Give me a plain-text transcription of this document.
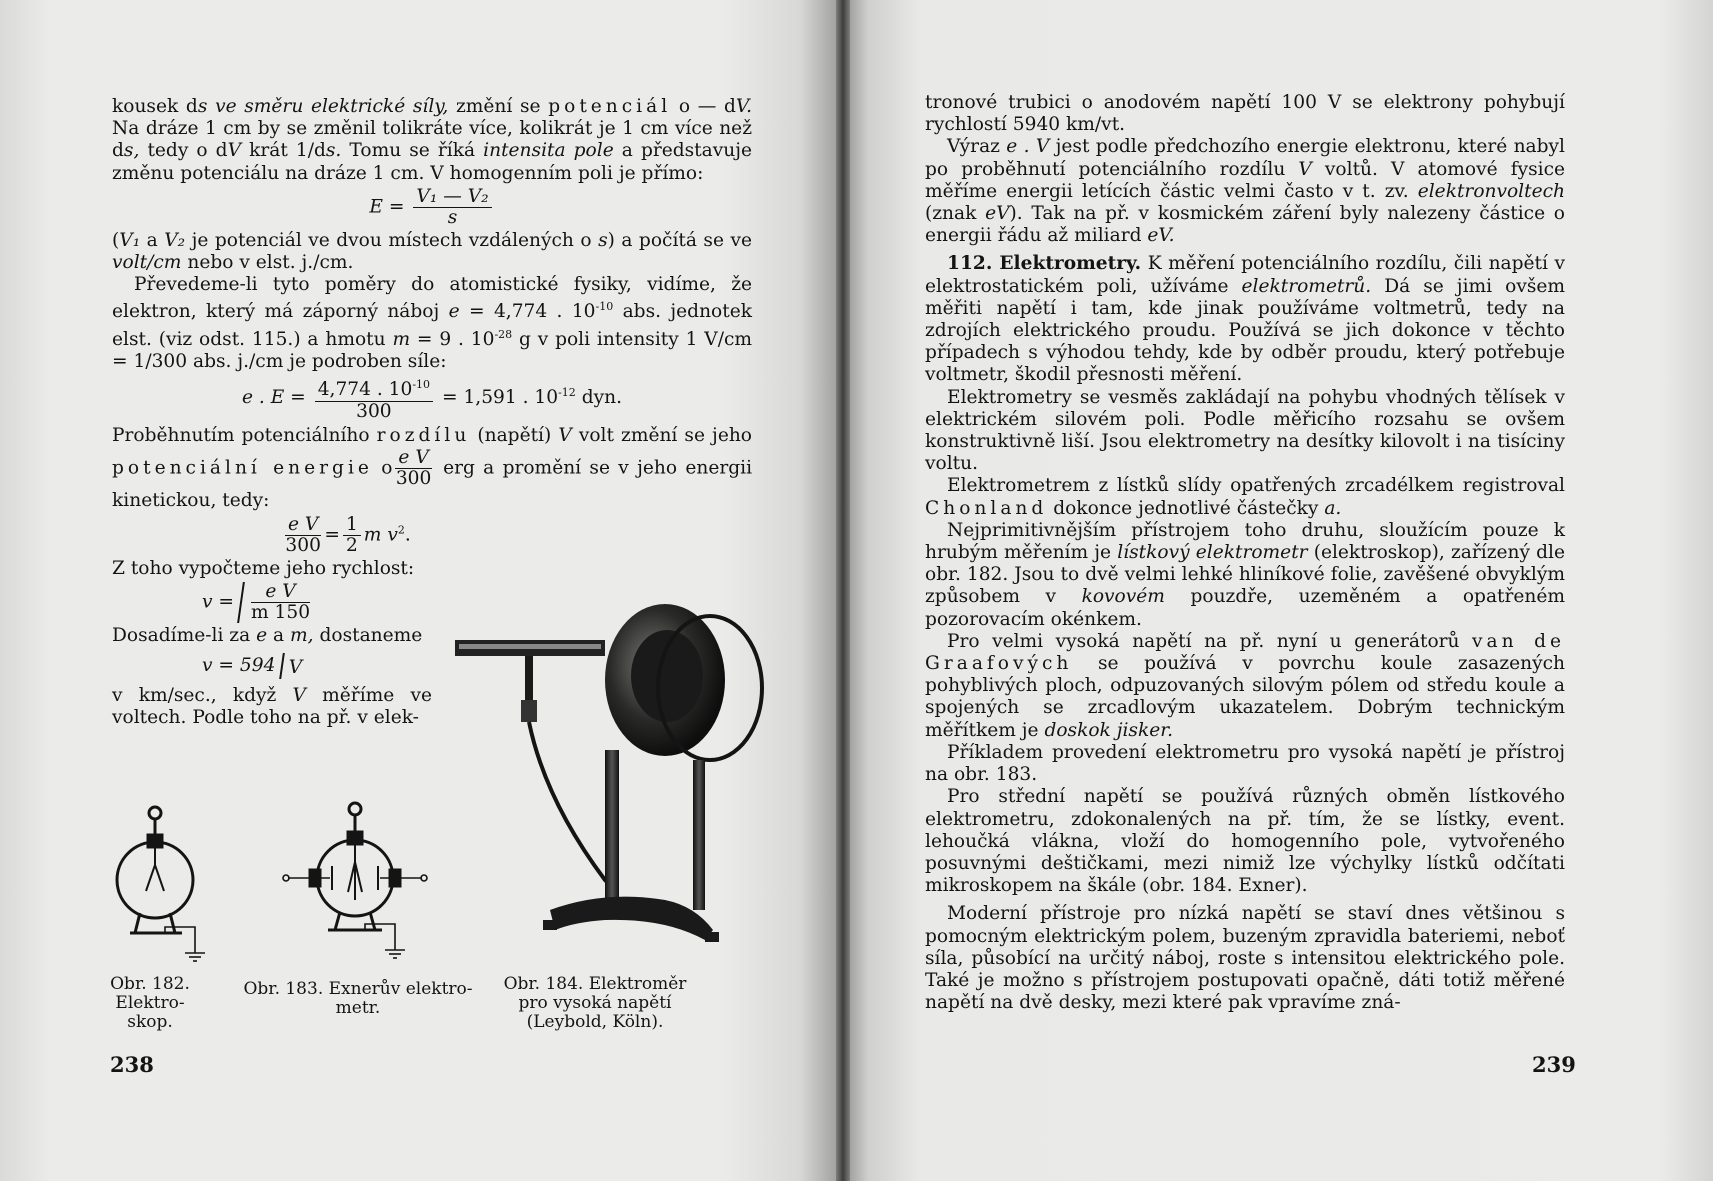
kousek ds ve směru elektrické síly, změní se potenciál o — dV. Na dráze 1 cm by se změnil tolikráte více, kolikrát je 1 cm více než ds, tedy o dV krát 1/ds. Tomu se říká intensita pole a představuje změnu potenciálu na dráze 1 cm. V homogenním poli je přímo:

$E = \frac{\text{V₁ — V₂}}{s}$

(V₁ a V₂ je potenciál ve dvou místech vzdálených o s) a počítá se ve volt/cm nebo v elst. j./cm.

Převedeme-li tyto poměry do atomistické fysiky, vidíme, že elektron, který má záporný náboj e = 4,774 . $10^{-10}$ abs. jednotek elst. (viz odst. 115.) a hmotu m = 9 . $10^{-28}$ g v poli intensity 1 V/cm = 1/300 abs. j./cm je podroben síle:

e . $E = \frac{4,774 . 10^{-10}}{300} = 1,591$ . $10^{-12}$ dyn.

Proběhnutím potenciálního rozdílu (napětí) V volt změní se jeho potenciální energie o $\frac{\text{e V}}{300}$ erg a promění se v jeho energii kinetickou, tedy:

$\frac{\text{e V}}{300} = \frac{1}{2}$ m $v^2$.

Z toho vypočteme jeho rychlost:

$v = \frac{\text{e V}}{m 150}$

Dosadíme-li za e a m, dostaneme

v = 594 V

v km/sec., když V měříme ve voltech. Podle toho na př. v elek-

Obr. 182. Elektro-skop.
Obr. 183. Exnerův elektro-metr.
Obr. 184. Elektroměr pro vysoká napětí (Leybold, Köln).
238

tronové trubici o anodovém napětí 100 V se elektrony pohybují rychlostí 5940 km/vt.

Výraz e . V jest podle předchozího energie elektronu, které nabyl po proběhnutí potenciálního rozdílu V voltů. V atomové fysice měříme energii letících částic velmi často v t. zv. elektronvoltech (znak eV). Tak na př. v kosmickém záření byly nalezeny částice o energii řádu až miliard eV.

112. Elektrometry. K měření potenciálního rozdílu, čili napětí v elektrostatickém poli, užíváme elektrometrů. Dá se jimi ovšem měřiti napětí i tam, kde jinak používáme voltmetrů, tedy na zdrojích elektrického proudu. Používá se jich dokonce v těchto případech s výhodou tehdy, kde by odběr proudu, který potřebuje voltmetr, škodil přesnosti měření.

Elektrometry se vesměs zakládají na pohybu vhodných tělísek v elektrickém silovém poli. Podle měřicího rozsahu se ovšem konstruktivně liší. Jsou elektrometry na desítky kilovolt i na tisíciny voltu.

Elektrometrem z lístků slídy opatřených zrcadélkem registroval Chonland dokonce jednotlivé částečky a.

Nejprimitivnějším přístrojem toho druhu, sloužícím pouze k hrubým měřením je lístkový elektrometr (elektroskop), zařízený dle obr. 182. Jsou to dvě velmi lehké hliníkové folie, zavěšené obvyklým způsobem v kovovém pouzdře, uzeměném a opatřeném pozorovacím okénkem.

Pro velmi vysoká napětí na př. nyní u generátorů van de Graafových se používá v povrchu koule zasazených pohyblivých ploch, odpuzovaných silovým pólem od středu koule a spojených se zrcadlovým ukazatelem. Dobrým technickým měřítkem je doskok jisker.

Příkladem provedení elektrometru pro vysoká napětí je přístroj na obr. 183.

Pro střední napětí se používá různých obměn lístkového elektrometru, zdokonalených na př. tím, že se lístky, event. lehoučká vlákna, vloží do homogenního pole, vytvořeného posuvnými deštičkami, mezi nimiž lze výchylky lístků odčítati mikroskopem na škále (obr. 184. Exner).

Moderní přístroje pro nízká napětí se staví dnes většinou s pomocným elektrickým polem, buzeným zpravidla bateriemi, neboť síla, působící na určitý náboj, roste s intensitou elektrického pole. Také je možno s přístrojem postupovati opačně, dáti totiž měřené napětí na dvě desky, mezi které pak vpravíme zná-

239
